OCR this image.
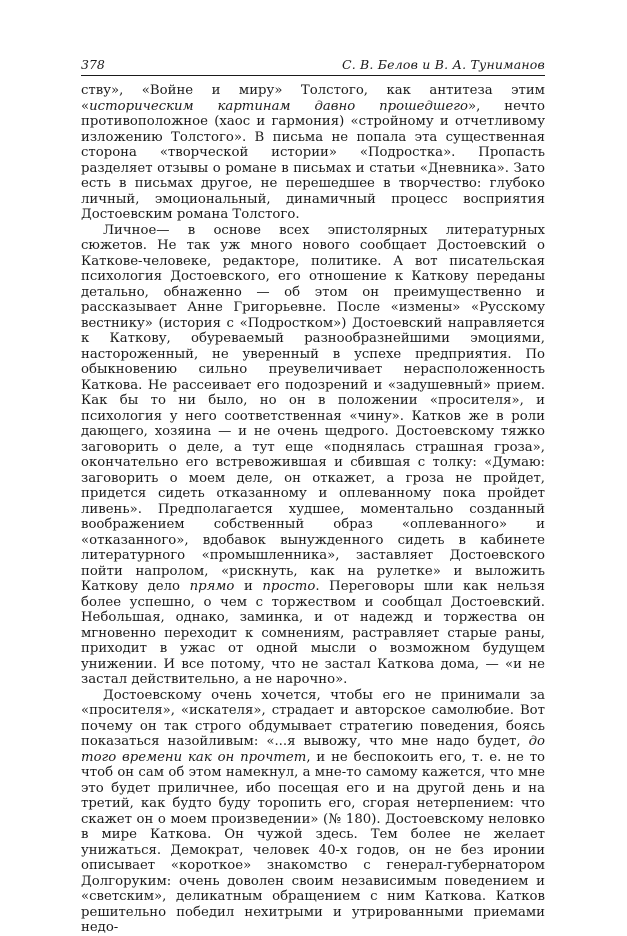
378	С. В. Белов и В. А. Туниманов

ству», «Войне и миру» Толстого, как антитеза этим «историческим картинам давно прошедшего», нечто противоположное (хаос и гармония) «стройному и отчетливому изложению Толстого». В письма не попала эта существенная сторона «творческой истории» «Подростка». Пропасть разделяет отзывы о романе в письмах и статьи «Дневника». Зато есть в письмах другое, не перешедшее в творчество: глубоко личный, эмоциональный, динамичный процесс восприятия Достоевским романа Толстого.

Личное— в основе всех эпистолярных литературных сюжетов. Не так уж много нового сообщает Достоевский о Каткове-человеке, редакторе, политике. А вот писательская психология Достоевского, его отношение к Каткову переданы детально, обнаженно — об этом он преимущественно и рассказывает Анне Григорьевне. После «измены» «Русскому вестнику» (история с «Подростком») Достоевский направляется к Каткову, обуреваемый разнообразнейшими эмоциями, настороженный, не уверенный в успехе предприятия. По обыкновению сильно преувеличивает нерасположенность Каткова. Не рассеивает его подозрений и «задушевный» прием. Как бы то ни было, но он в положении «просителя», и психология у него соответственная «чину». Катков же в роли дающего, хозяина — и не очень щедрого. Достоевскому тяжко заговорить о деле, а тут еще «поднялась страшная гроза», окончательно его встревожившая и сбившая с толку: «Думаю: заговорить о моем деле, он откажет, а гроза не пройдет, придется сидеть отказанному и оплеванному пока пройдет ливень». Предполагается худшее, моментально созданный воображением собственный образ «оплеванного» и «отказанного», вдобавок вынужденного сидеть в кабинете литературного «промышленника», заставляет Достоевского пойти напролом, «рискнуть, как на рулетке» и выложить Каткову дело прямо и просто. Переговоры шли как нельзя более успешно, о чем с торжеством и сообщал Достоевский. Небольшая, однако, заминка, и от надежд и торжества он мгновенно переходит к сомнениям, растравляет старые раны, приходит в ужас от одной мысли о возможном будущем унижении. И все потому, что не застал Каткова дома, — «и не застал действительно, а не нарочно».

Достоевскому очень хочется, чтобы его не принимали за «просителя», «искателя», страдает и авторское самолюбие. Вот почему он так строго обдумывает стратегию поведения, боясь показаться назойливым: «...я вывожу, что мне надо будет, до того времени как он прочтет, и не беспокоить его, т. е. не то чтоб он сам об этом намекнул, а мне-то самому кажется, что мне это будет приличнее, ибо посещая его и на другой день и на третий, как будто буду торопить его, сгорая нетерпением: что скажет он о моем произведении» (№ 180). Достоевскому неловко в мире Каткова. Он чужой здесь. Тем более не желает унижаться. Демократ, человек 40-х годов, он не без иронии описывает «короткое» знакомство с генерал-губернатором Долгоруким: очень доволен своим независимым поведением и «светским», деликатным обращением с ним Каткова. Катков решительно победил нехитрыми и утрированными приемами недо-
